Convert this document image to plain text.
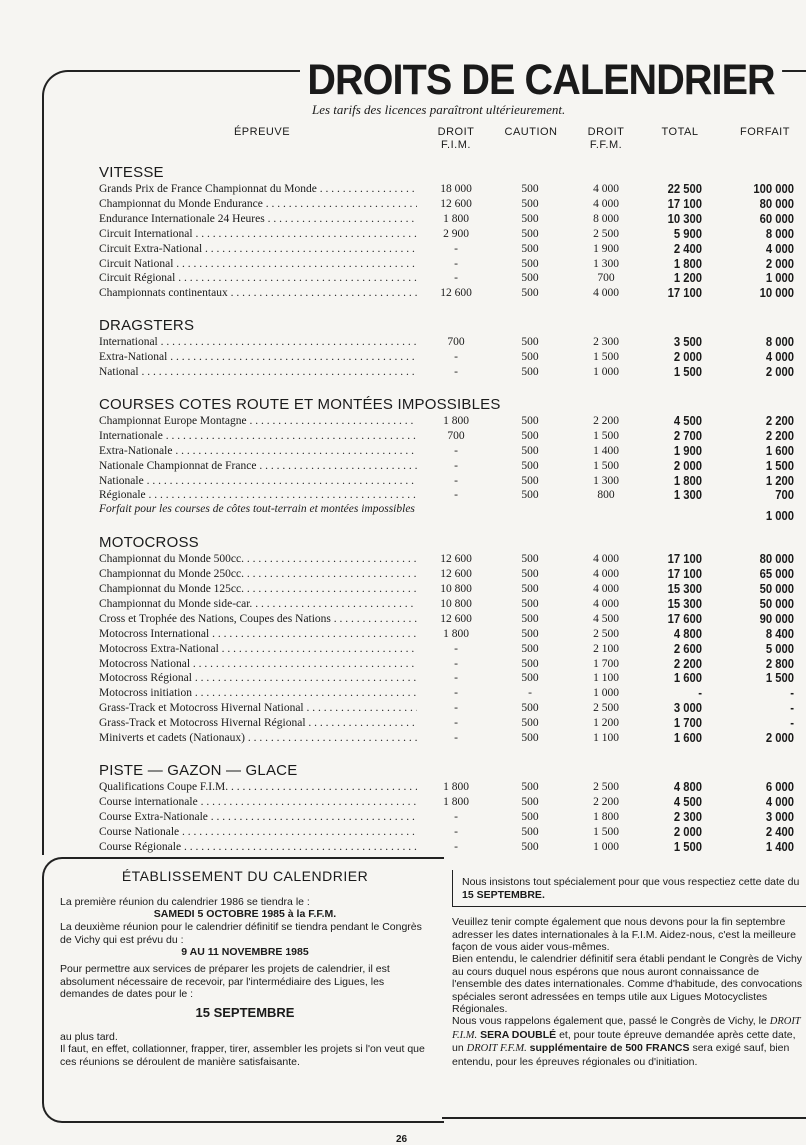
DROITS DE CALENDRIER
Les tarifs des licences paraîtront ultérieurement.
ÉPREUVE	DROIT
F.I.M.
CAUTION	DROIT
F.F.M.
TOTAL	FORFAIT
VITESSE
Grands Prix de France Championnat du Monde . . .	18 000	500	4 000	22 500	100 000
Championnat du Monde Endurance . . .	12 600	500	4 000	17 100	80 000
Endurance Internationale 24 Heures . . .	1 800	500	8 000	10 300	60 000
Circuit International . . .	2 900	500	2 500	5 900	8 000
Circuit Extra-National . . .	-	500	1 900	2 400	4 000
Circuit National . . .	-	500	1 300	1 800	2 000
Circuit Régional . . .	-	500	700	1 200	1 000
Championnats continentaux . . .	12 600	500	4 000	17 100	10 000
DRAGSTERS
International . . .	700	500	2 300	3 500	8 000
Extra-National . . .	-	500	1 500	2 000	4 000
National . . .	-	500	1 000	1 500	2 000
COURSES COTES ROUTE ET MONTÉES IMPOSSIBLES
Championnat Europe Montagne . . .	1 800	500	2 200	4 500	2 200
Internationale . . .	700	500	1 500	2 700	2 200
Extra-Nationale . . .	-	500	1 400	1 900	1 600
Nationale Championnat de France . . .	-	500	1 500	2 000	1 500
Nationale . . .	-	500	1 300	1 800	1 200
Régionale . . .	-	500	800	1 300	700
Forfait pour les courses de côtes tout-terrain et montées impossibles	1 000
MOTOCROSS
Championnat du Monde 500cc. . . .	12 600	500	4 000	17 100	80 000
Championnat du Monde 250cc. . . .	12 600	500	4 000	17 100	65 000
Championnat du Monde 125cc. . . .	10 800	500	4 000	15 300	50 000
Championnat du Monde side-car. . . .	10 800	500	4 000	15 300	50 000
Cross et Trophée des Nations, Coupes des Nations . . .	12 600	500	4 500	17 600	90 000
Motocross International . . .	1 800	500	2 500	4 800	8 400
Motocross Extra-National . . .	-	500	2 100	2 600	5 000
Motocross National . . .	-	500	1 700	2 200	2 800
Motocross Régional . . .	-	500	1 100	1 600	1 500
Motocross initiation . . .	-	-	1 000	-	-
Grass-Track et Motocross Hivernal National . . .	-	500	2 500	3 000	-
Grass-Track et Motocross Hivernal Régional . . .	-	500	1 200	1 700	-
Miniverts et cadets (Nationaux) . . .	-	500	1 100	1 600	2 000
PISTE — GAZON — GLACE
Qualifications Coupe F.I.M. . . .	1 800	500	2 500	4 800	6 000
Course internationale . . .	1 800	500	2 200	4 500	4 000
Course Extra-Nationale . . .	-	500	1 800	2 300	3 000
Course Nationale . . .	-	500	1 500	2 000	2 400
Course Régionale . . .	-	500	1 000	1 500	1 400
ÉTABLISSEMENT DU CALENDRIER
La première réunion du calendrier 1986 se tiendra le :
SAMEDI 5 OCTOBRE 1985 à la F.F.M.
La deuxième réunion pour le calendrier définitif se tiendra pendant le Congrès de Vichy qui est prévu du :
9 AU 11 NOVEMBRE 1985
Pour permettre aux services de préparer les projets de calendrier, il est absolument nécessaire de recevoir, par l'intermédiaire des Ligues, les demandes de dates pour le :
15 SEPTEMBRE
au plus tard.
Il faut, en effet, collationner, frapper, tirer, assembler les projets si l'on veut que ces réunions se déroulent de manière satisfaisante.
Nous insistons tout spécialement pour que vous respectiez cette date du 15 SEPTEMBRE.
Veuillez tenir compte également que nous devons pour la fin septembre adresser les dates internationales à la F.I.M. Aidez-nous, c'est la meilleure façon de vous aider vous-mêmes.
Bien entendu, le calendrier définitif sera établi pendant le Congrès de Vichy au cours duquel nous espérons que nous auront connaissance de l'ensemble des dates internationales. Comme d'habitude, des convocations spéciales seront adressées en temps utile aux Ligues Motocyclistes Régionales.
Nous vous rappelons également que, passé le Congrès de Vichy, le DROIT F.I.M. SERA DOUBLÉ et, pour toute épreuve demandée après cette date, un DROIT F.F.M. supplémentaire de 500 FRANCS sera exigé sauf, bien entendu, pour les épreuves régionales ou d'initiation.
26
